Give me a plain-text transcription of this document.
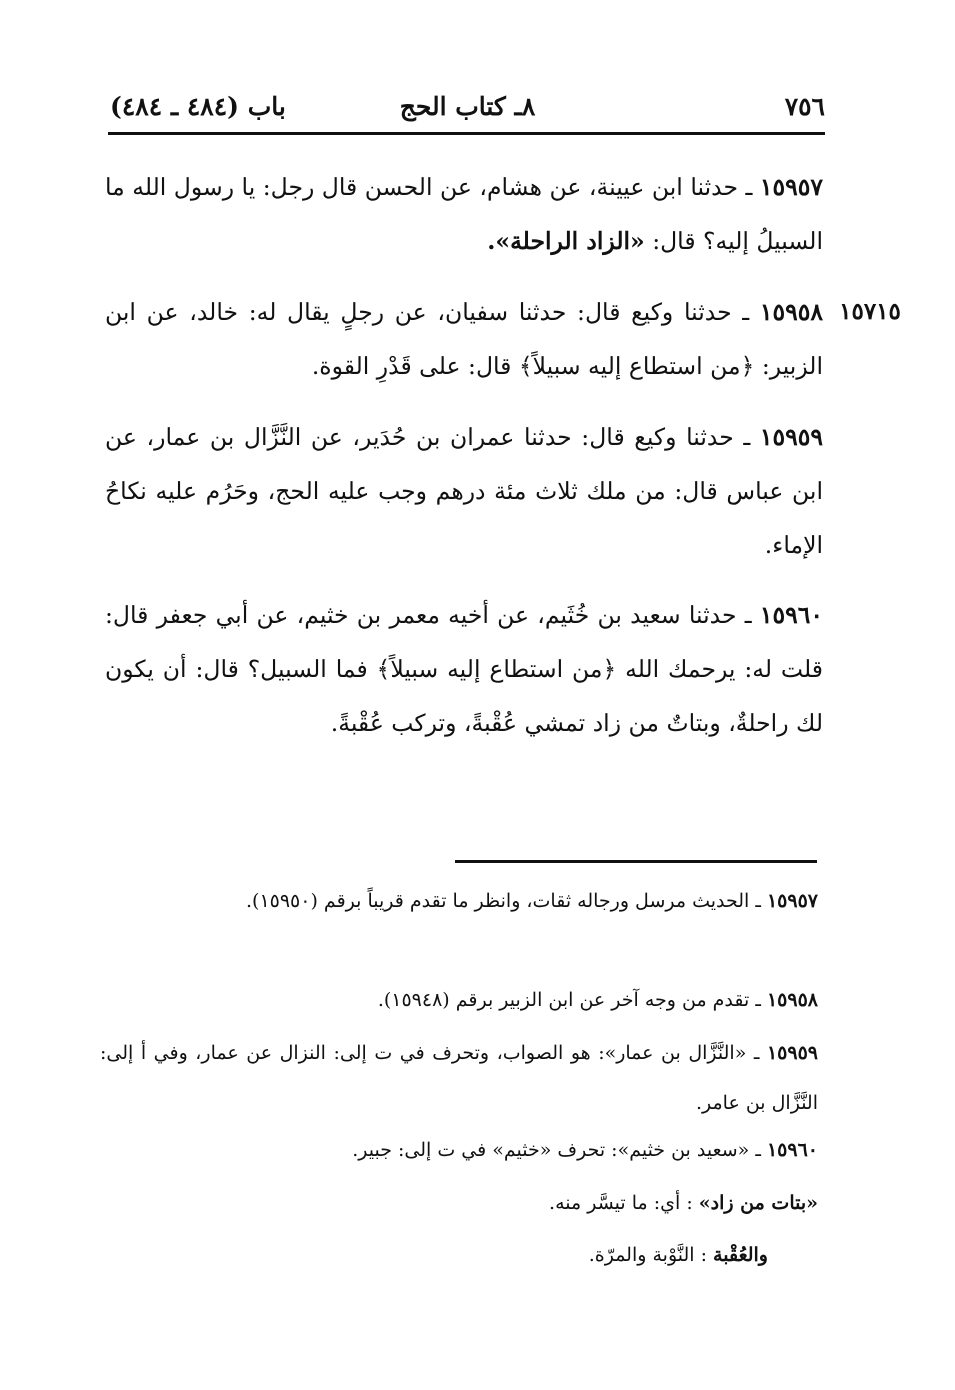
٧٥٦
٨ـ كتاب الحج
باب (٤٨٤ ـ ٤٨٤)
١٥٧١٥
١٥٩٥٧ ـ حدثنا ابن عيينة، عن هشام، عن الحسن قال رجل: يا رسول الله ما السبيلُ إليه؟ قال: «الزاد الراحلة».
١٥٩٥٨ ـ حدثنا وكيع قال: حدثنا سفيان، عن رجلٍ يقال له: خالد، عن ابن الزبير: ﴿من استطاع إليه سبيلاً﴾ قال: على قَدْرِ القوة.
١٥٩٥٩ ـ حدثنا وكيع قال: حدثنا عمران بن حُدَير، عن النَّزَّال بن عمار، عن ابن عباس قال: من ملك ثلاث مئة درهم وجب عليه الحج، وحَرُم عليه نكاحُ الإماء.
١٥٩٦٠ ـ حدثنا سعيد بن خُثَيم، عن أخيه معمر بن خثيم، عن أبي جعفر قال: قلت له: يرحمك الله ﴿من استطاع إليه سبيلاً﴾ فما السبيل؟ قال: أن يكون لك راحلةٌ، وبتاتٌ من زاد تمشي عُقْبةً، وتركب عُقْبةً.
١٥٩٥٧ ـ الحديث مرسل ورجاله ثقات، وانظر ما تقدم قريباً برقم (١٥٩٥٠).
١٥٩٥٨ ـ تقدم من وجه آخر عن ابن الزبير برقم (١٥٩٤٨).
١٥٩٥٩ ـ «النَّزَّال بن عمار»: هو الصواب، وتحرف في ت إلى: النزال عن عمار، وفي أ إلى: النَّزَّال بن عامر.
١٥٩٦٠ ـ «سعيد بن خثيم»: تحرف «خثيم» في ت إلى: جبير.
«بتات من زاد» : أي: ما تيسَّر منه.
والعُقْبة : النَّوْبة والمرّة.
